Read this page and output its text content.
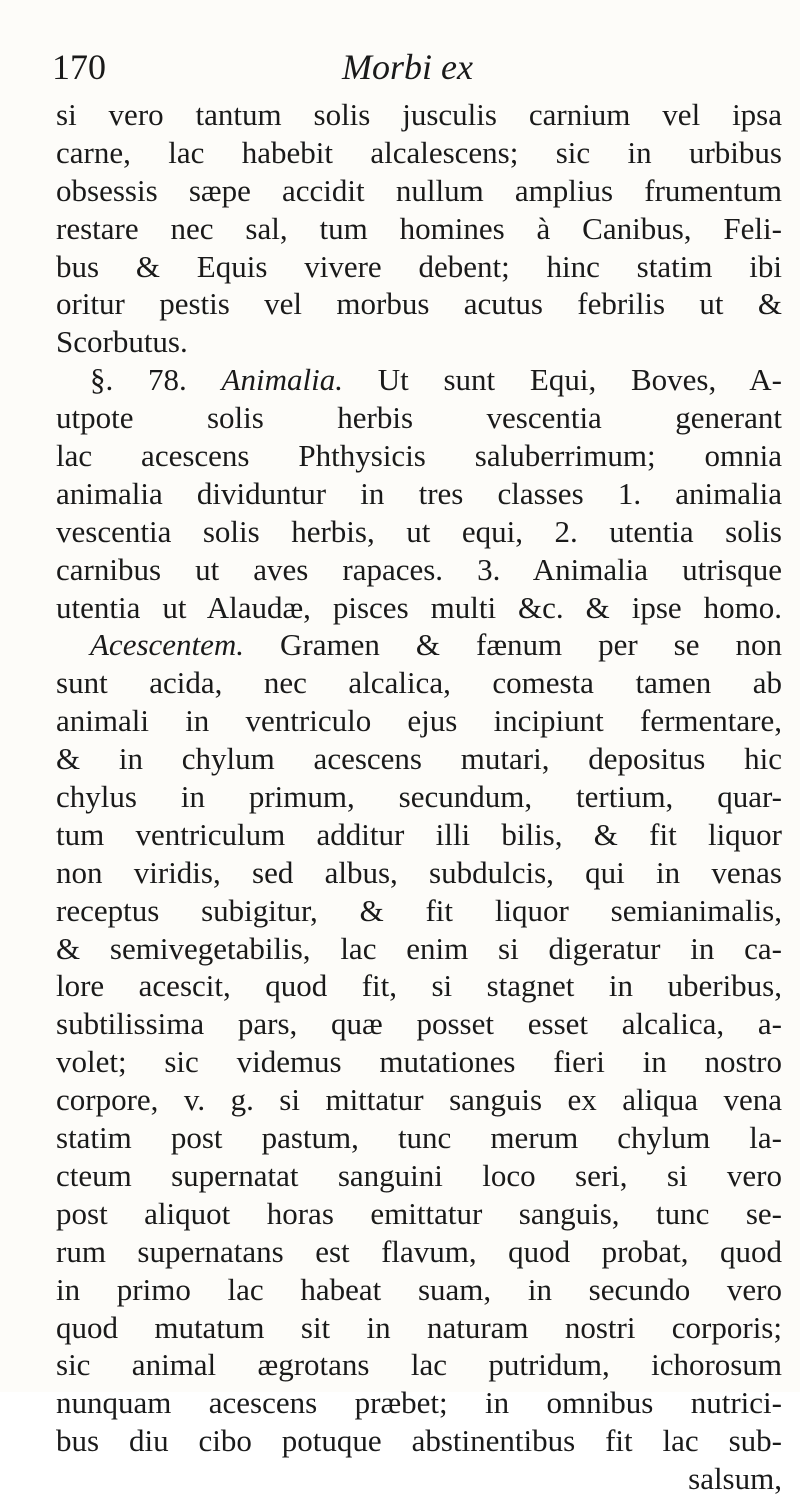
170	Morbi ex
si vero tantum solis jusculis carnium vel ipsa
carne, lac habebit alcalescens; sic in urbibus
obsessis sæpe accidit nullum amplius frumentum
restare nec sal, tum homines à Canibus, Feli-
bus & Equis vivere debent; hinc statim ibi
oritur pestis vel morbus acutus febrilis ut &
Scorbutus.
§. 78. Animalia. Ut sunt Equi, Boves, A-
utpote solis herbis vescentia generant
lac acescens Phthysicis saluberrimum; omnia
animalia dividuntur in tres classes 1. animalia
vescentia solis herbis, ut equi, 2. utentia solis
carnibus ut aves rapaces. 3. Animalia utrisque
utentia ut Alaudæ, pisces multi &c. & ipse homo.
Acescentem. Gramen & fænum per se non
sunt acida, nec alcalica, comesta tamen ab
animali in ventriculo ejus incipiunt fermentare,
& in chylum acescens mutari, depositus hic
chylus in primum, secundum, tertium, quar-
tum ventriculum additur illi bilis, & fit liquor
non viridis, sed albus, subdulcis, qui in venas
receptus subigitur, & fit liquor semianimalis,
& semivegetabilis, lac enim si digeratur in ca-
lore acescit, quod fit, si stagnet in uberibus,
subtilissima pars, quæ posset esset alcalica, a-
volet; sic videmus mutationes fieri in nostro
corpore, v. g. si mittatur sanguis ex aliqua vena
statim post pastum, tunc merum chylum la-
cteum supernatat sanguini loco seri, si vero
post aliquot horas emittatur sanguis, tunc se-
rum supernatans est flavum, quod probat, quod
in primo lac habeat suam, in secundo vero
quod mutatum sit in naturam nostri corporis;
sic animal ægrotans lac putridum, ichorosum
nunquam acescens præbet; in omnibus nutrici-
bus diu cibo potuque abstinentibus fit lac sub-
salsum,
